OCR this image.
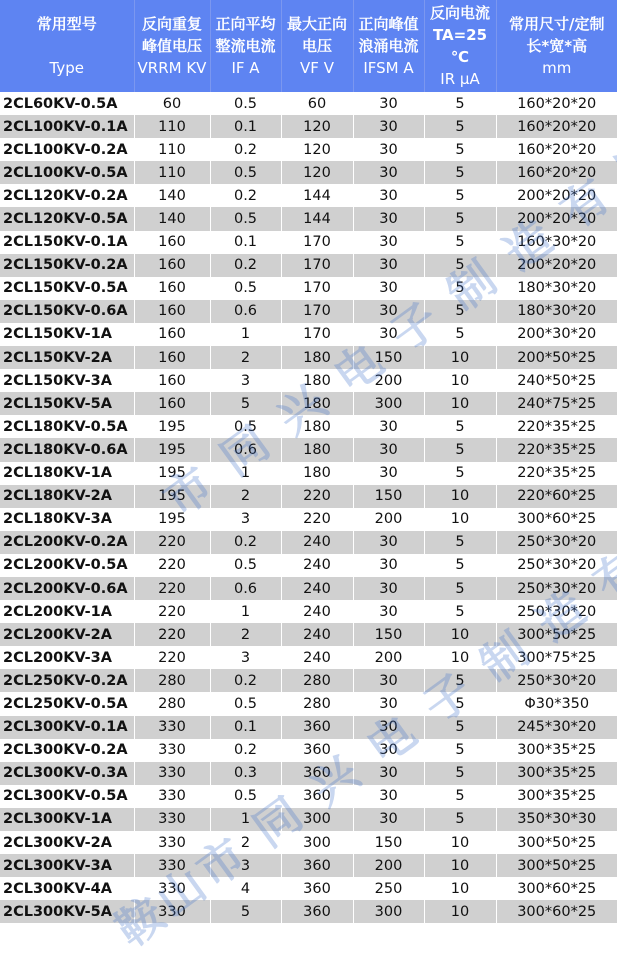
常用型号

Type	反向重复
峰值电压
VRRM KV	正向平均
整流电流
IF A	最大正向
电压
VF V	正向峰值
浪涌电流
IFSM A	反向电流
TA=25 ℃
IR μA	常用尺寸/定制
长*宽*高
mm

2CL60KV-0.5A	60	0.5	60	30	5	160*20*20
2CL100KV-0.1A	110	0.1	120	30	5	160*20*20
2CL100KV-0.2A	110	0.2	120	30	5	160*20*20
2CL100KV-0.5A	110	0.5	120	30	5	160*20*20
2CL120KV-0.2A	140	0.2	144	30	5	200*20*20
2CL120KV-0.5A	140	0.5	144	30	5	200*20*20
2CL150KV-0.1A	160	0.1	170	30	5	160*30*20
2CL150KV-0.2A	160	0.2	170	30	5	200*20*20
2CL150KV-0.5A	160	0.5	170	30	5	180*30*20
2CL150KV-0.6A	160	0.6	170	30	5	180*30*20
2CL150KV-1A	160	1	170	30	5	200*30*20
2CL150KV-2A	160	2	180	150	10	200*50*25
2CL150KV-3A	160	3	180	200	10	240*50*25
2CL150KV-5A	160	5	180	300	10	240*75*25
2CL180KV-0.5A	195	0.5	180	30	5	220*35*25
2CL180KV-0.6A	195	0.6	180	30	5	220*35*25
2CL180KV-1A	195	1	180	30	5	220*35*25
2CL180KV-2A	195	2	220	150	10	220*60*25
2CL180KV-3A	195	3	220	200	10	300*60*25
2CL200KV-0.2A	220	0.2	240	30	5	250*30*20
2CL200KV-0.5A	220	0.5	240	30	5	250*30*20
2CL200KV-0.6A	220	0.6	240	30	5	250*30*20
2CL200KV-1A	220	1	240	30	5	250*30*20
2CL200KV-2A	220	2	240	150	10	300*50*25
2CL200KV-3A	220	3	240	200	10	300*75*25
2CL250KV-0.2A	280	0.2	280	30	5	250*30*20
2CL250KV-0.5A	280	0.5	280	30	5	Φ30*350
2CL300KV-0.1A	330	0.1	360	30	5	245*30*20
2CL300KV-0.2A	330	0.2	360	30	5	300*35*25
2CL300KV-0.3A	330	0.3	360	30	5	300*35*25
2CL300KV-0.5A	330	0.5	360	30	5	300*35*25
2CL300KV-1A	330	1	300	30	5	350*30*30
2CL300KV-2A	330	2	300	150	10	300*50*25
2CL300KV-3A	330	3	360	200	10	300*50*25
2CL300KV-4A	330	4	360	250	10	300*60*25
2CL300KV-5A	330	5	360	300	10	300*60*25
市 同 兴 电 子 制 造 有 限
鞍山市 同 兴 电 子 制 造 有
